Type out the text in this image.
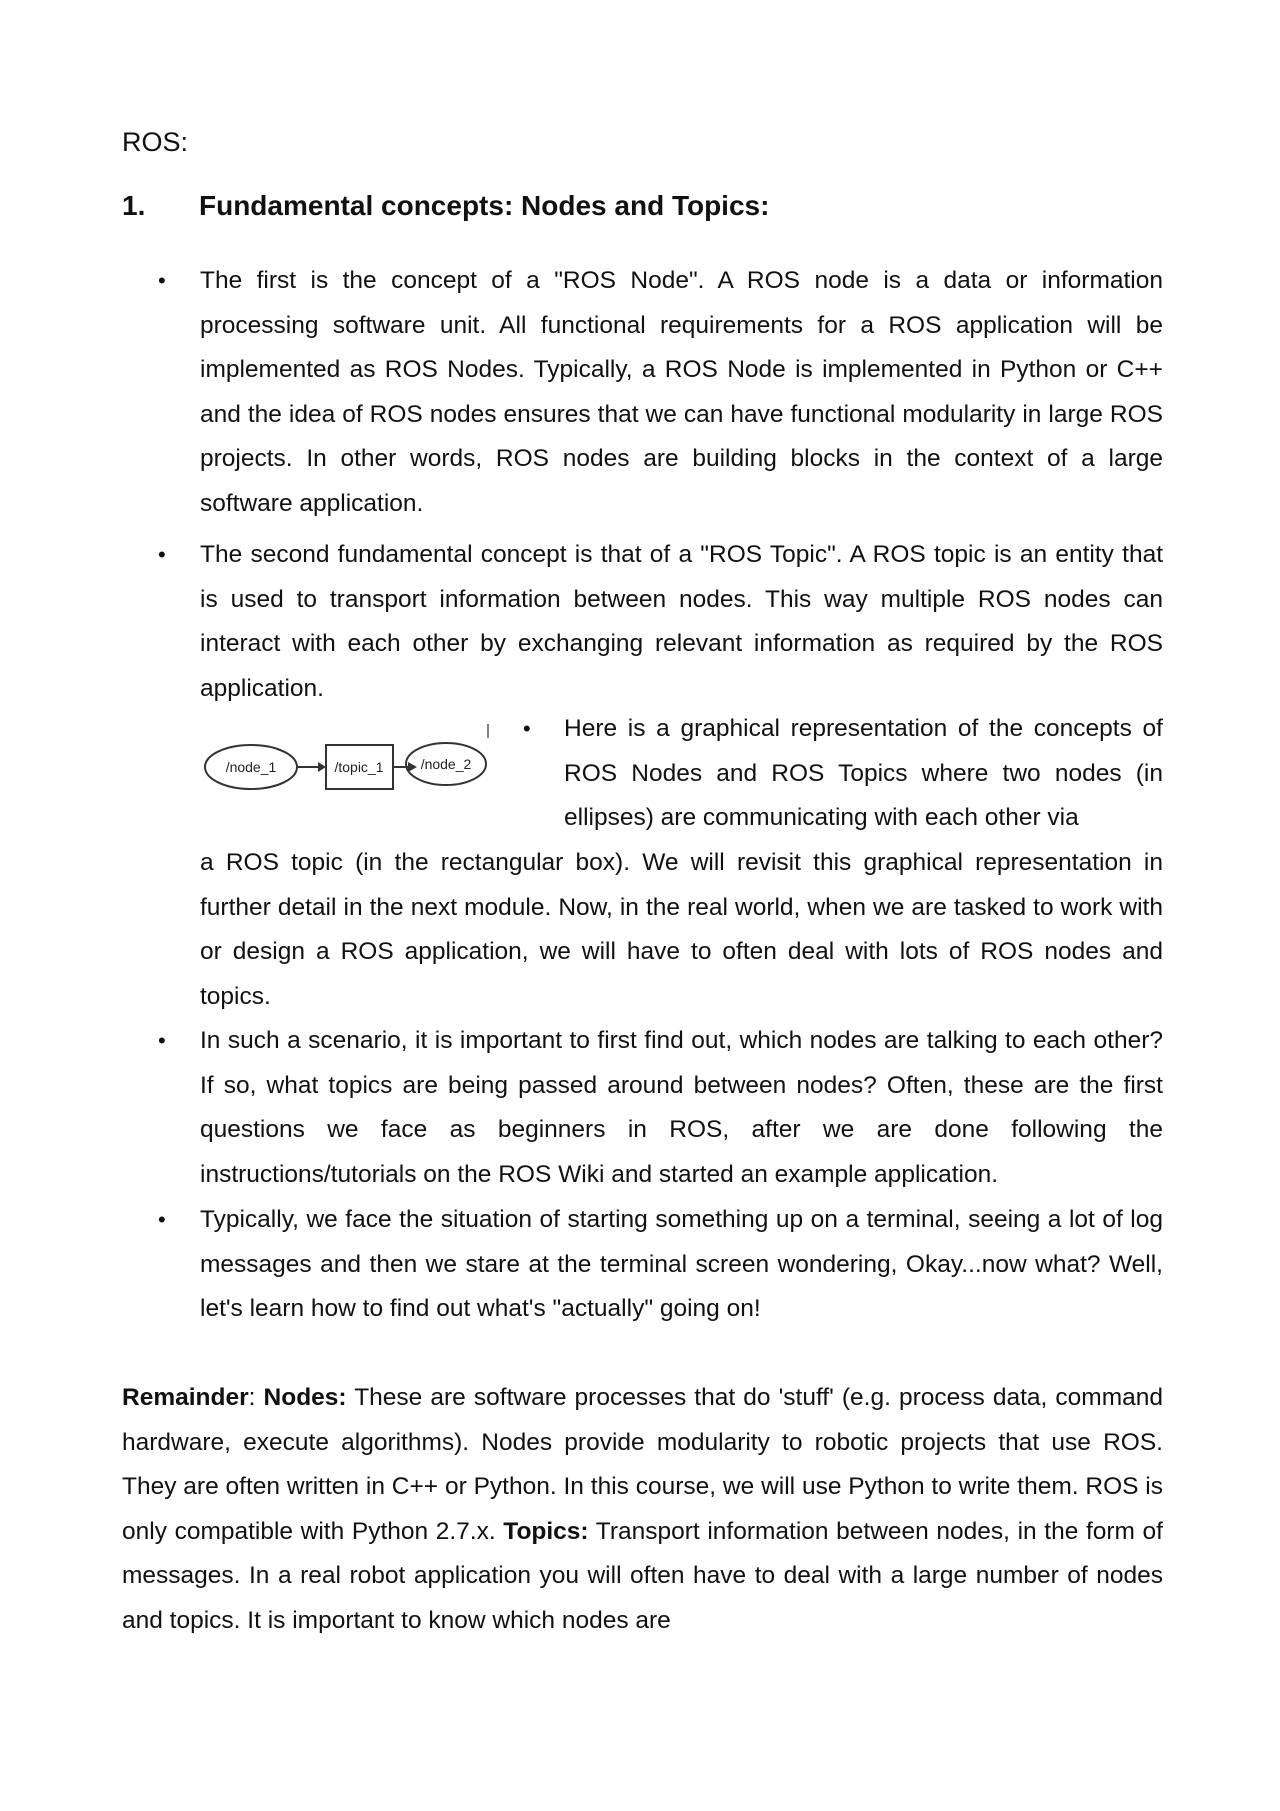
ROS:

1. Fundamental concepts: Nodes and Topics:
• The first is the concept of a "ROS Node". A ROS node is a data or information processing software unit. All functional requirements for a ROS application will be implemented as ROS Nodes. Typically, a ROS Node is implemented in Python or C++ and the idea of ROS nodes ensures that we can have functional modularity in large ROS projects. In other words, ROS nodes are building blocks in the context of a large software application.

• The second fundamental concept is that of a "ROS Topic". A ROS topic is an entity that is used to transport information between nodes. This way multiple ROS nodes can interact with each other by exchanging relevant information as required by the ROS application.

/node_1	/topic_1	/node_2
• Here is a graphical representation of the concepts of ROS Nodes and ROS Topics where two nodes (in ellipses) are communicating with each other via

a ROS topic (in the rectangular box). We will revisit this graphical representation in further detail in the next module. Now, in the real world, when we are tasked to work with or design a ROS application, we will have to often deal with lots of ROS nodes and topics.

• In such a scenario, it is important to first find out, which nodes are talking to each other? If so, what topics are being passed around between nodes? Often, these are the first questions we face as beginners in ROS, after we are done following the instructions/tutorials on the ROS Wiki and started an example application.

• Typically, we face the situation of starting something up on a terminal, seeing a lot of log messages and then we stare at the terminal screen wondering, Okay...now what? Well, let's learn how to find out what's "actually" going on!

Remainder: Nodes: These are software processes that do 'stuff' (e.g. process data, command hardware, execute algorithms). Nodes provide modularity to robotic projects that use ROS. They are often written in C++ or Python. In this course, we will use Python to write them. ROS is only compatible with Python 2.7.x. Topics: Transport information between nodes, in the form of messages. In a real robot application you will often have to deal with a large number of nodes and topics. It is important to know which nodes are
